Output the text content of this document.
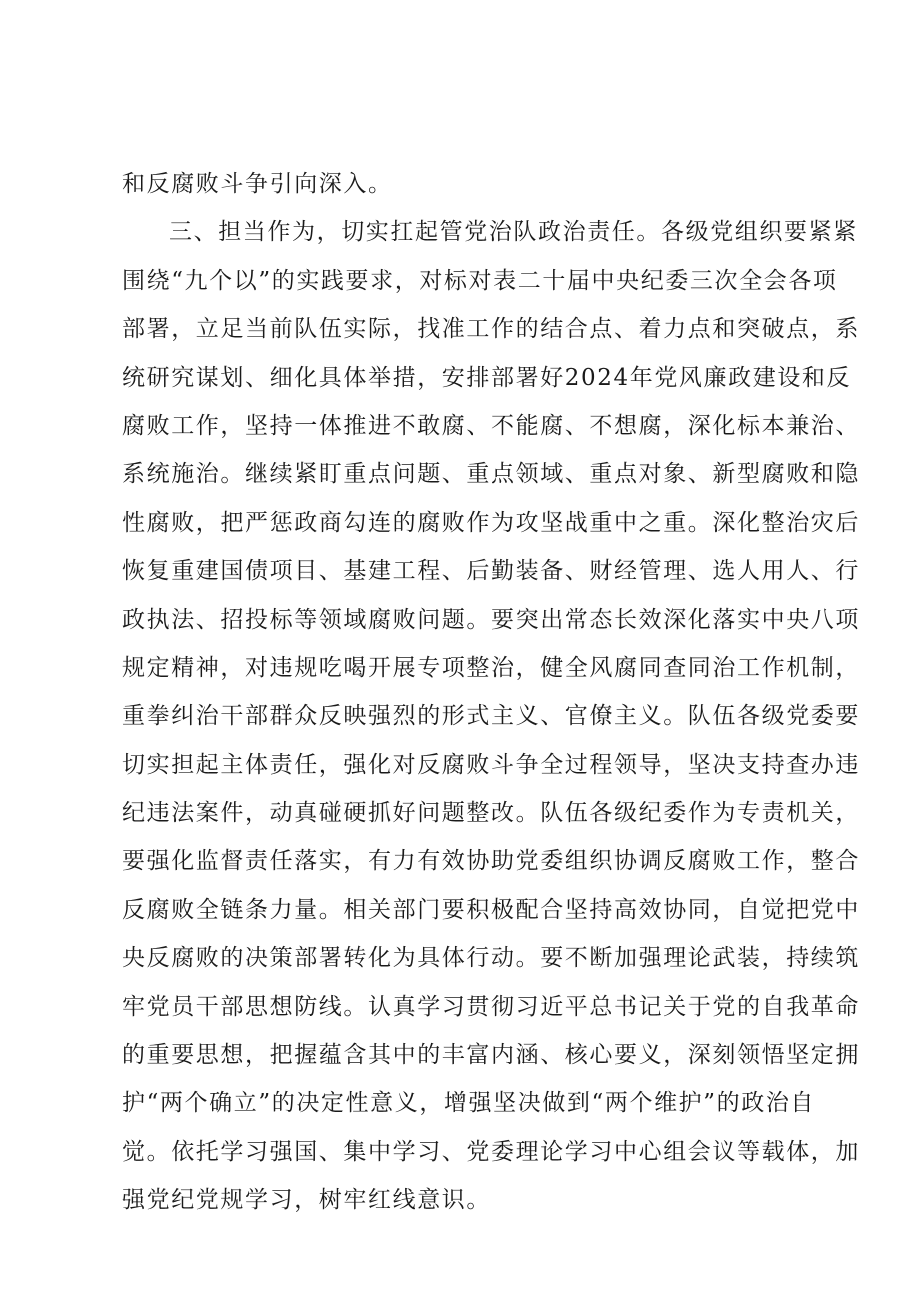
和反腐败斗争引向深入。
三、担当作为，切实扛起管党治队政治责任。各级党组织要紧紧
围绕“九个以”的实践要求，对标对表二十届中央纪委三次全会各项
部署，立足当前队伍实际，找准工作的结合点、着力点和突破点，系
统研究谋划、细化具体举措，安排部署好2024年党风廉政建设和反
腐败工作，坚持一体推进不敢腐、不能腐、不想腐，深化标本兼治、
系统施治。继续紧盯重点问题、重点领域、重点对象、新型腐败和隐
性腐败，把严惩政商勾连的腐败作为攻坚战重中之重。深化整治灾后
恢复重建国债项目、基建工程、后勤装备、财经管理、选人用人、行
政执法、招投标等领域腐败问题。要突出常态长效深化落实中央八项
规定精神，对违规吃喝开展专项整治，健全风腐同查同治工作机制，
重拳纠治干部群众反映强烈的形式主义、官僚主义。队伍各级党委要
切实担起主体责任，强化对反腐败斗争全过程领导，坚决支持查办违
纪违法案件，动真碰硬抓好问题整改。队伍各级纪委作为专责机关，
要强化监督责任落实，有力有效协助党委组织协调反腐败工作，整合
反腐败全链条力量。相关部门要积极配合坚持高效协同，自觉把党中
央反腐败的决策部署转化为具体行动。要不断加强理论武装，持续筑
牢党员干部思想防线。认真学习贯彻习近平总书记关于党的自我革命
的重要思想，把握蕴含其中的丰富内涵、核心要义，深刻领悟坚定拥
护“两个确立”的决定性意义，增强坚决做到“两个维护”的政治自
觉。依托学习强国、集中学习、党委理论学习中心组会议等载体，加
强党纪党规学习，树牢红线意识。
